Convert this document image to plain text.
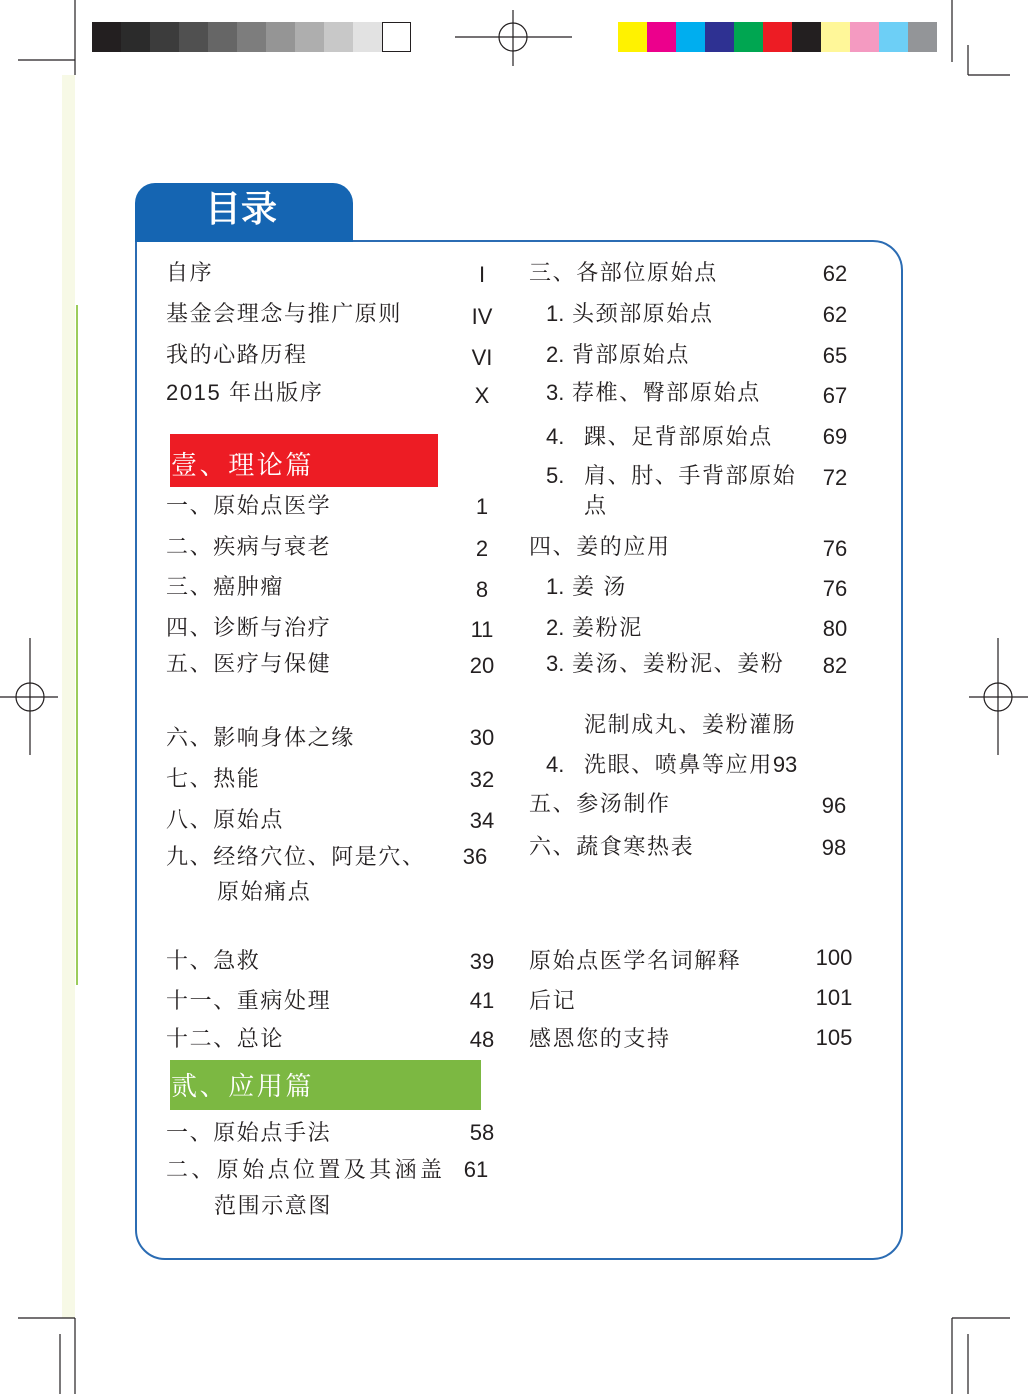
目录
自序	I
基金会理念与推广原则	IV
我的心路历程	VI
2015 年出版序	X
壹、理论篇
一、原始点医学	1
二、疾病与衰老	2
三、癌肿瘤	8
四、诊断与治疗	11
五、医疗与保健	20
六、影响身体之缘	30
七、热能	32
八、原始点	34
九、经络穴位、阿是穴、	36
原始痛点
十、急救	39
十一、重病处理	41
十二、总论	48
贰、应用篇
一、原始点手法	58
二、原始点位置及其涵盖 61
范围示意图
三、各部位原始点	62
1. 头颈部原始点	62
2. 背部原始点	65
3. 荐椎、臀部原始点	67
4. 踝、足背部原始点	69
5. 肩、肘、手背部原始	72
点
四、姜的应用	76
1. 姜 汤	76
2. 姜粉泥	80
3. 姜汤、姜粉泥、姜粉	82
泥制成丸、姜粉灌肠
4. 洗眼、喷鼻等应用93
五、参汤制作	96
六、蔬食寒热表	98
原始点医学名词解释	100
后记	101
感恩您的支持	105
